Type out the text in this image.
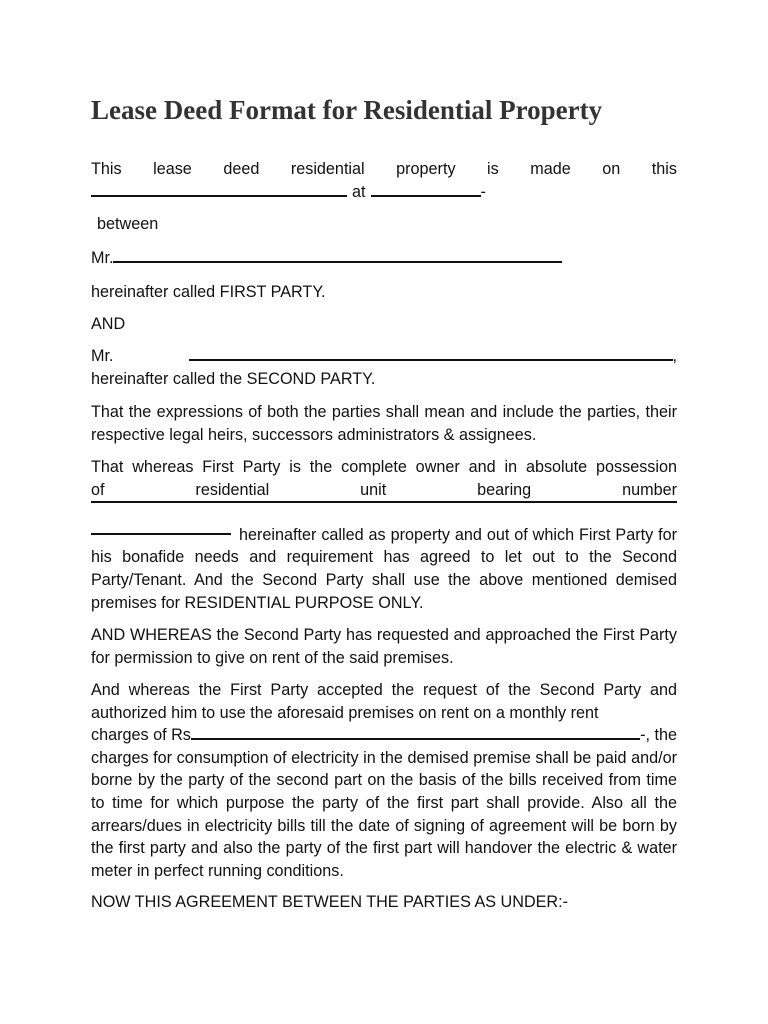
Lease Deed Format for Residential Property
This lease deed residential property is made on this
at	-
between
Mr.
hereinafter called FIRST PARTY.
AND
Mr.	,
hereinafter called the SECOND PARTY.

That the expressions of both the parties shall mean and include the parties, their respective legal heirs, successors administrators & assignees.

That whereas First Party is the complete owner and in absolute possession
of residential unit bearing number

hereinafter called as property and out of which First Party for his bonafide needs and requirement has agreed to let out to the Second Party/Tenant. And the Second Party shall use the above mentioned demised premises for RESIDENTIAL PURPOSE ONLY.

AND WHEREAS the Second Party has requested and approached the First Party for permission to give on rent of the said premises.

And whereas the First Party accepted the request of the Second Party and authorized him to use the aforesaid premises on rent on a monthly rent

charges of Rs	-, the

charges for consumption of electricity in the demised premise shall be paid and/or borne by the party of the second part on the basis of the bills received from time to time for which purpose the party of the first part shall provide. Also all the arrears/dues in electricity bills till the date of signing of agreement will be born by the first party and also the party of the first part will handover the electric & water meter in perfect running conditions.

NOW THIS AGREEMENT BETWEEN THE PARTIES AS UNDER:-
